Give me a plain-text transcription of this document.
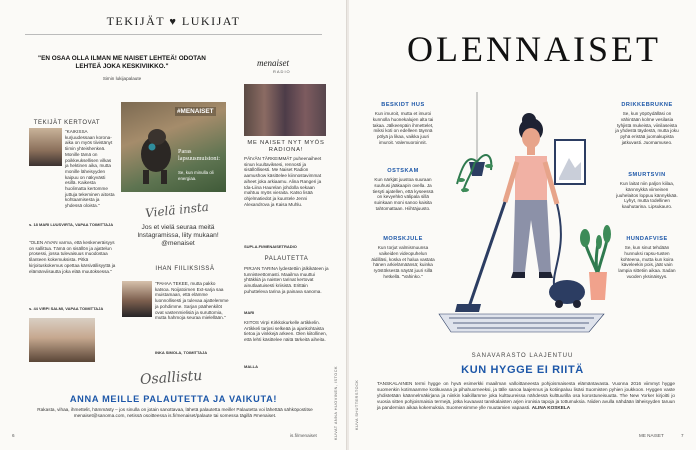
TEKIJÄT ♥ LUKIJAT
"EN OSAA OLLA ILMAN ME NAISET LEHTEÄ! ODOTAN LEHTEÄ JOKA KESKIVIIKKO."
Simin lukijapalaute
TEKIJÄT KERTOVAT
"KAIKISSA kurjuudessaan korona-aika on myös tiivistänyt tiimin yhteishenkeä. Monille tämä on poikkeuksellisen vilkas ja hektinen aika, mutta monille läheisyyden kaipuu on näkyvästi esillä. Kaikesta huolimatta kertomme juttuja tekeminen aitosta kohtaamisesta ja yhdessä oloista."
s. 18 MARI LUUSVIRTA, VAPAA TOIMITTAJA
"OLEN AIVAN varma, että keskeneräisyys on sallittua. Tämä on sisällön ja ajattelun prosessi, jossa tulevaisuus muodostaa tilanteen kokemuksista. Pitkä kirjoituskokemus opettaa kärsivällisyyttä ja elämänviisautta joka elää muutoksessa."
s. 44 VIRPI SALMI, VAPAA TOIMITTAJA
#MENAISET
Paras lapsuusmuistoni:
Se, kun minulla oli energiaa.
Vielä insta
Jos et vielä seuraa meitä Instagramissa, liity mukaan! @menaiset
IHAN FIILIKSISSÄ
"PAHAA TEKEE, mutta pakko katsoa. Noijatoimen Ext-sarja saa muistamaan, että elämme luonnollisesti ja tulevaa ajattelemme ja pohdimme. Sarjan päähenkilöt ovat vastenmielisiä ja suruttomia, mutta hahmoja seuraa mielellään."
INKA SIMOLA, TOIMITTAJA
menaiset
RADIO
ME NAISET NYT MYÖS RADIONA!
PÄIVÄN TÄRKEIMMÄT puheenaiheet sinun kuultaviksesi, rennosti ja sisällöllisesti. Me Naiset Radion aamushow käsittelee kiinnostavimmat aiheet joka arkiaamu. Alina Rangeri ja Ida-Liina Haurelan johdolla sekaan mahtuu myös vieraita. Katso lisää ohjelmatiedot ja kuuntele Jenni Alexandrova ja Kaisa Muhlu.
SUPLA.FI/MENAISETRADIO
PALAUTETTA
PIRJAN TARINA lydestettiin jälkikäteen ja tunnisteettomasti. Maailma muuttui yhtäkkiä ja naisten tarinat kertovat ainutlaatuisesti kriisistä. Erittäin puhutteleva tarina ja painava sanoma.
MARI
KIITOS Virpi Kirkkokurkelle artikkelin. Artikkeli tarjosi selkeää ja ajankohtaista tietoa ja vinkkejä arkeen. Olen kiitollinen, että lehti käsittelee näitä tärkeitä aiheita.
MALLA	KUVAT ANNA HUOVINEN, ISTOCK
Osallistu
ANNA MEILLE PALAUTETTA JA VAIKUTA!
Rakasta, vihaa, ihmettelit, hämmästy – jos sinulla on jotain sanottavaa, lähetä palautetta meille! Palautetta voi lähettää sähköpostitse menaiset@sanoma.com, netissä osoitteessa is.fi/menaiset/palaute tai somessa tägillä #menaiset.
6	is.fi/menaiset
OLENNAISET
BESKIDT HUS
Kun imuroit, mutta et imuroi kunnolla huonekalujen alta tai takaa. Jälkeenpäin ihmettelet, miksi koti on edelleen täynnä pölyä ja likaa, vaikka juuri imuroit. Valemuoroinnit.
OSTSKAM
Kun närkjät juustoa suuraan suuhusi jääkaapin ovella. Ja tiesyti ajatellen, että kyseessä on kevyehkö välipala sillä suinkaan moni sanoo kaisita tahtomattaan. Hiihtäjuusto.
MORSKJULE
Kun torjut valmismuunsa vaikeiden videopuhelun äidilläsi, koska et halua vastata hänen arkielämäänsä; kuinka ryöstöksestä näytät juuri sillä hetkellä. "Vahinko."
DRIKKEBRUKNE
Se, kun yöpöydälläsi on vähintään kolme vesilasia tyhjistä mukeista, viinilaseista ja yhdestä täydestä, mutta joku pyhä eristää juomakupista jatkuvasti. Juomamuseo.
SMURTSVIN
Kun laitat niin paljon kiilaa, kännnykkä viimeinen juuhelaitos loppuu kännykkää. Lyhyt, mutta todellinen kauhutarina. Lipsukauro.
HUNDAFVISE
Se, kun sinut tehdään hunnuksi rapsu-tusten kohteena, mutta kun koira käveleekin pois, jäät vain lampia sittetiin aikaa. Sadan vuoden yksinäisyys.
SANAVARASTO LAAJENTUU
KUN HYGGE EI RIITÄ
TANSKALAINEN termi hygge on hyvä esimerkki maailman valloittaneesta pohjoismaisesta elämäntavasta. Vuonna 2016 viimmyt hygge suomenkin kotimaamme kotikuvana ja pihahuorneeksi, ja tälle sanoa laajennus ja kotiinpaluu lisäsi Suomisten pyhien joukkoon. Hyggen vaste yhdistetään käännelmäkirjana ja niinkin kaikillamme joka kulttuureissa nähdessä kulttuurilla osa korostuneisuutta. The New Yorker kirjoitti jo vuosia sitten pohjoismaisia termejä, jotka kuvaavat tanskalaisten arjen ironisia tapoja ja tottumuksia. Niiden avulla nähdään läheisyyden taruun ja pandemian aikaa kokemuksia. Suomensimme ylle muutamien vapaasti. ALINA KOSKELA
KUVA SHUTTERSTOCK
ME NAISET	7
